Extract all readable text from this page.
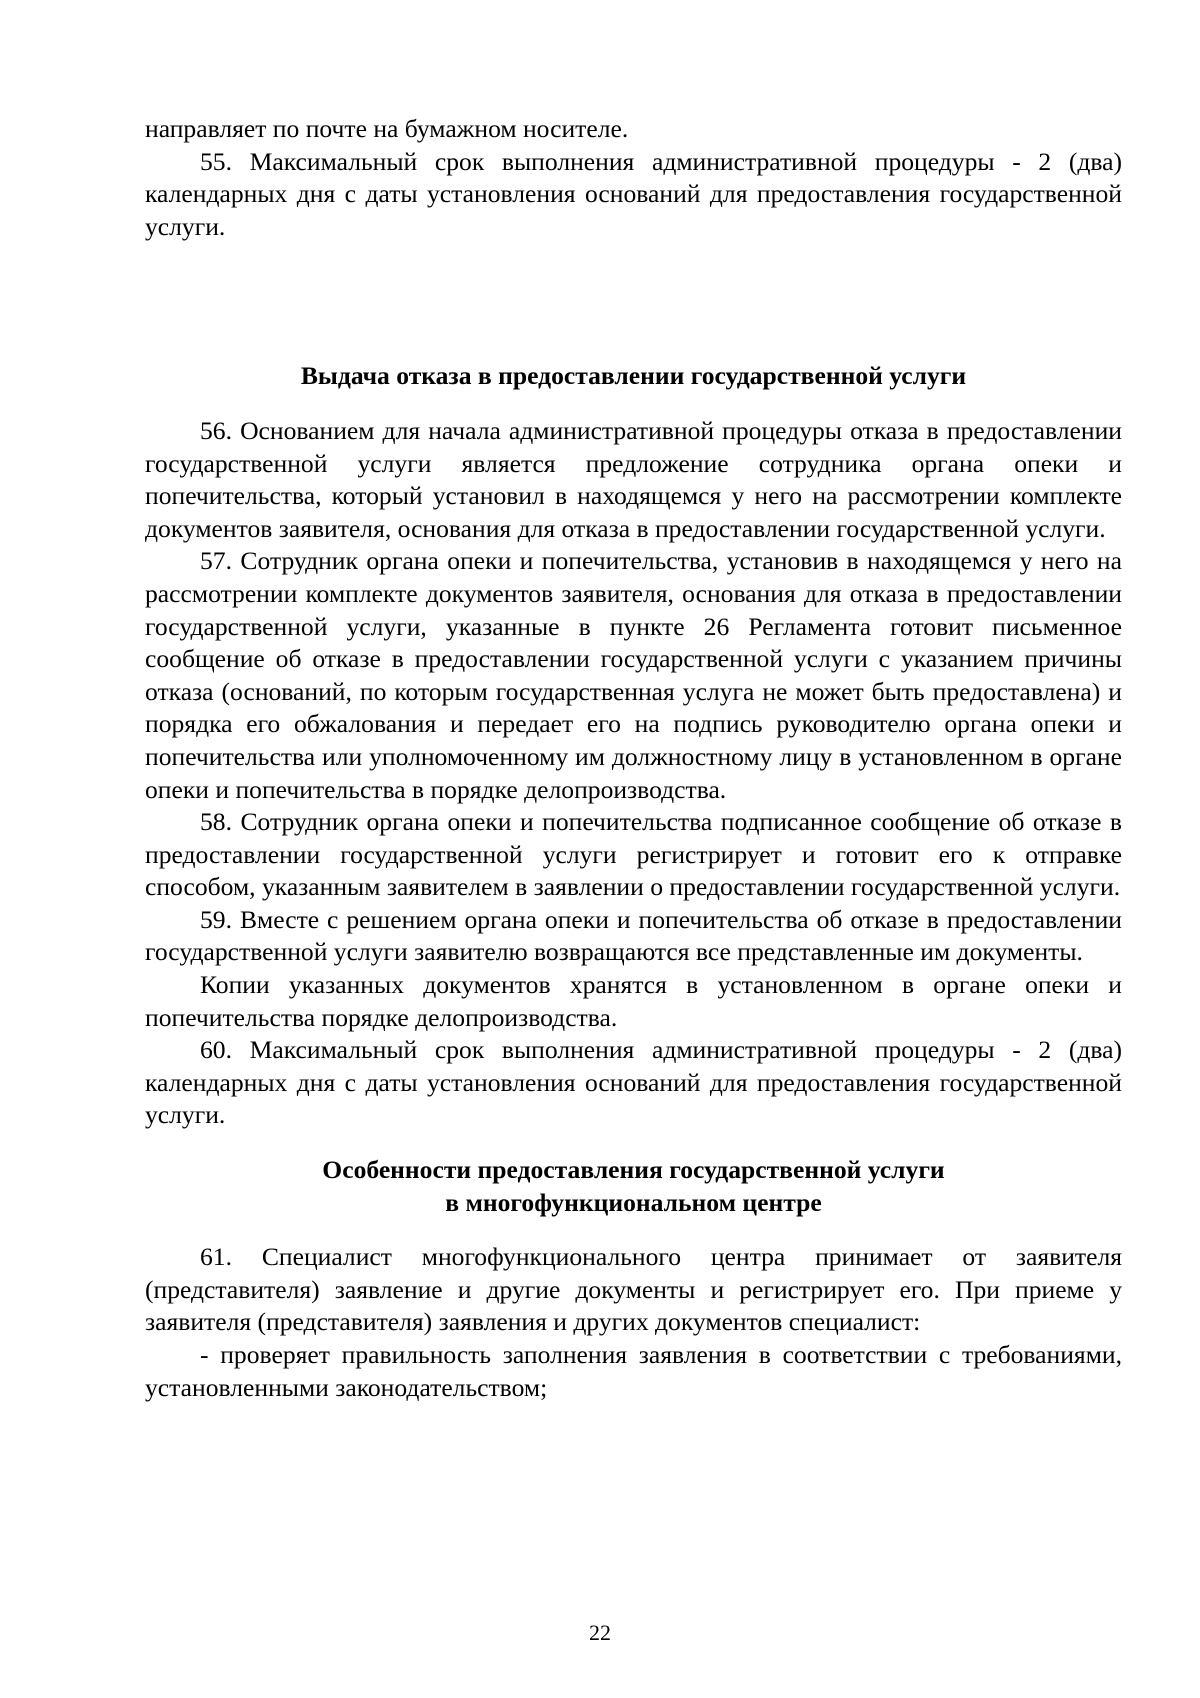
направляет по почте на бумажном носителе.

55. Максимальный срок выполнения административной процедуры - 2 (два) календарных дня с даты установления оснований для предоставления государственной услуги.

Выдача отказа в предоставлении государственной услуги

56. Основанием для начала административной процедуры отказа в предоставлении государственной услуги является предложение сотрудника органа опеки и попечительства, который установил в находящемся у него на рассмотрении комплекте документов заявителя, основания для отказа в предоставлении государственной услуги.

57. Сотрудник органа опеки и попечительства, установив в находящемся у него на рассмотрении комплекте документов заявителя, основания для отказа в предоставлении государственной услуги, указанные в пункте 26 Регламента готовит письменное сообщение об отказе в предоставлении государственной услуги с указанием причины отказа (оснований, по которым государственная услуга не может быть предоставлена) и порядка его обжалования и передает его на подпись руководителю органа опеки и попечительства или уполномоченному им должностному лицу в установленном в органе опеки и попечительства в порядке делопроизводства.

58. Сотрудник органа опеки и попечительства подписанное сообщение об отказе в предоставлении государственной услуги регистрирует и готовит его к отправке способом, указанным заявителем в заявлении о предоставлении государственной услуги.

59. Вместе с решением органа опеки и попечительства об отказе в предоставлении государственной услуги заявителю возвращаются все представленные им документы.

Копии указанных документов хранятся в установленном в органе опеки и попечительства порядке делопроизводства.

60. Максимальный срок выполнения административной процедуры - 2 (два) календарных дня с даты установления оснований для предоставления государственной услуги.

Особенности предоставления государственной услуги
в многофункциональном центре

61. Специалист многофункционального центра принимает от заявителя (представителя) заявление и другие документы и регистрирует его. При приеме у заявителя (представителя) заявления и других документов специалист:

- проверяет правильность заполнения заявления в соответствии с требованиями, установленными законодательством;

22
